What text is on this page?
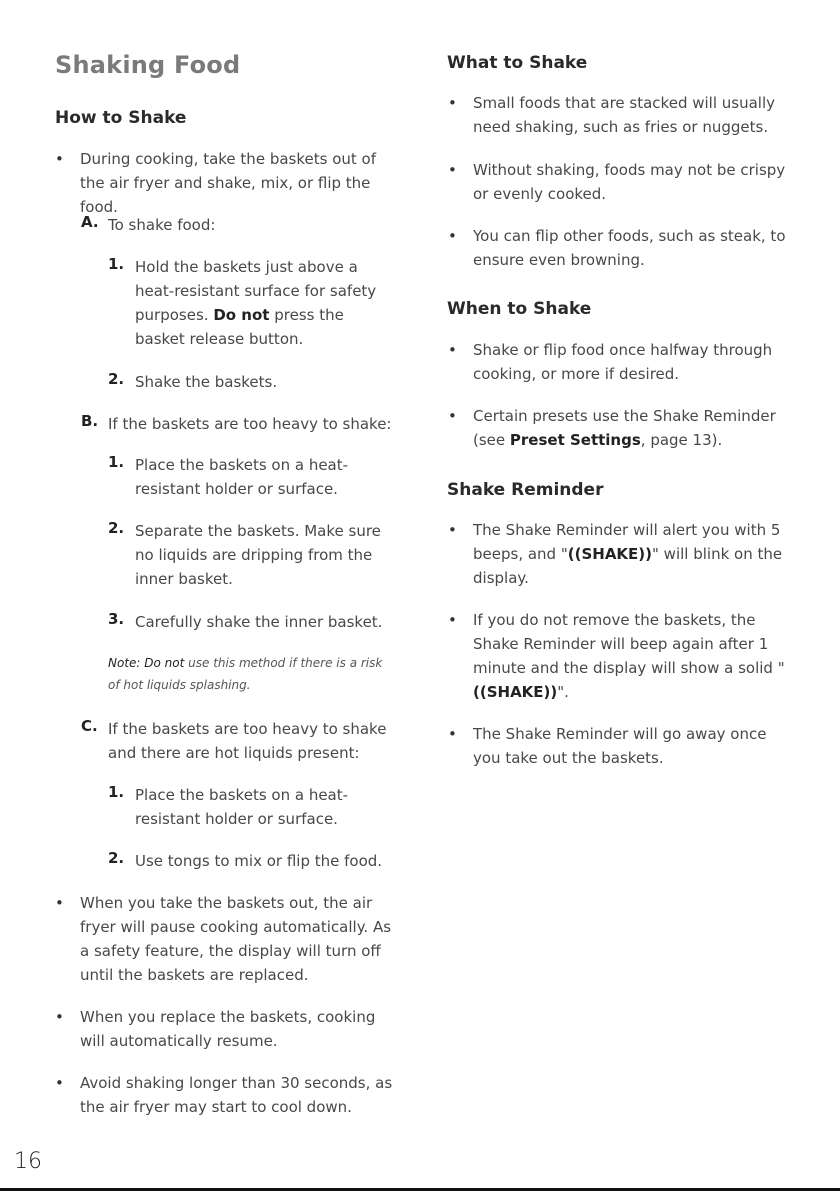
Shaking Food
How to Shake
• During cooking, take the baskets out of the air fryer and shake, mix, or flip the food.
A. To shake food:
1. Hold the baskets just above a heat-resistant surface for safety purposes. Do not press the basket release button.
2. Shake the baskets.
B. If the baskets are too heavy to shake:
1. Place the baskets on a heat-resistant holder or surface.
2. Separate the baskets. Make sure no liquids are dripping from the inner basket.
3. Carefully shake the inner basket.
Note: Do not use this method if there is a risk of hot liquids splashing.
C. If the baskets are too heavy to shake and there are hot liquids present:
1. Place the baskets on a heat-resistant holder or surface.
2. Use tongs to mix or flip the food.
• When you take the baskets out, the air fryer will pause cooking automatically. As a safety feature, the display will turn off until the baskets are replaced.
• When you replace the baskets, cooking will automatically resume.
• Avoid shaking longer than 30 seconds, as the air fryer may start to cool down.
What to Shake
• Small foods that are stacked will usually need shaking, such as fries or nuggets.
• Without shaking, foods may not be crispy or evenly cooked.
• You can flip other foods, such as steak, to ensure even browning.
When to Shake
• Shake or flip food once halfway through cooking, or more if desired.
• Certain presets use the Shake Reminder (see Preset Settings, page 13).
Shake Reminder
• The Shake Reminder will alert you with 5 beeps, and "((SHAKE))" will blink on the display.
• If you do not remove the baskets, the Shake Reminder will beep again after 1 minute and the display will show a solid "((SHAKE))".
• The Shake Reminder will go away once you take out the baskets.
16
